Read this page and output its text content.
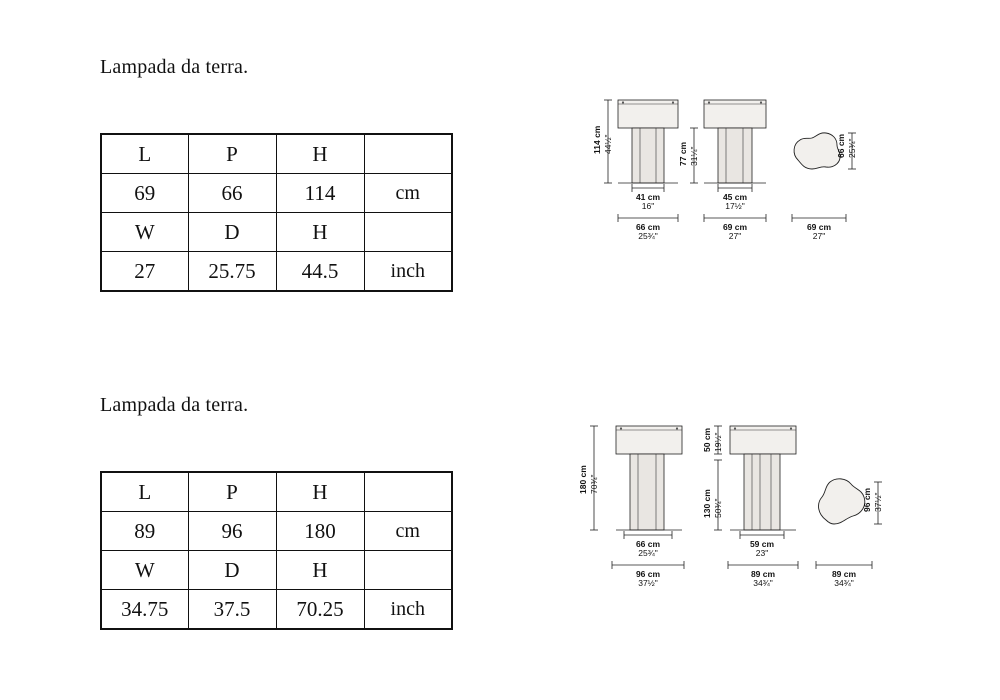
Lampada da terra.
L	P	H	
69	66	114	cm
W	D	H	
27	25.75	44.5	inch
114 cm 44½"
41 cm
16"
66 cm
25¾"
77 cm 31¼"
45 cm
17½"
69 cm
27"
66 cm 25¾"
69 cm
27"
Lampada da terra.
L	P	H	
89	96	180	cm
W	D	H	
34.75	37.5	70.25	inch
180 cm 70¾"
66 cm
25¾"
96 cm
37½"
50 cm 19½"
130 cm 50¾"
59 cm
23"
89 cm
34¾"
96 cm 37½"
89 cm
34¾"
